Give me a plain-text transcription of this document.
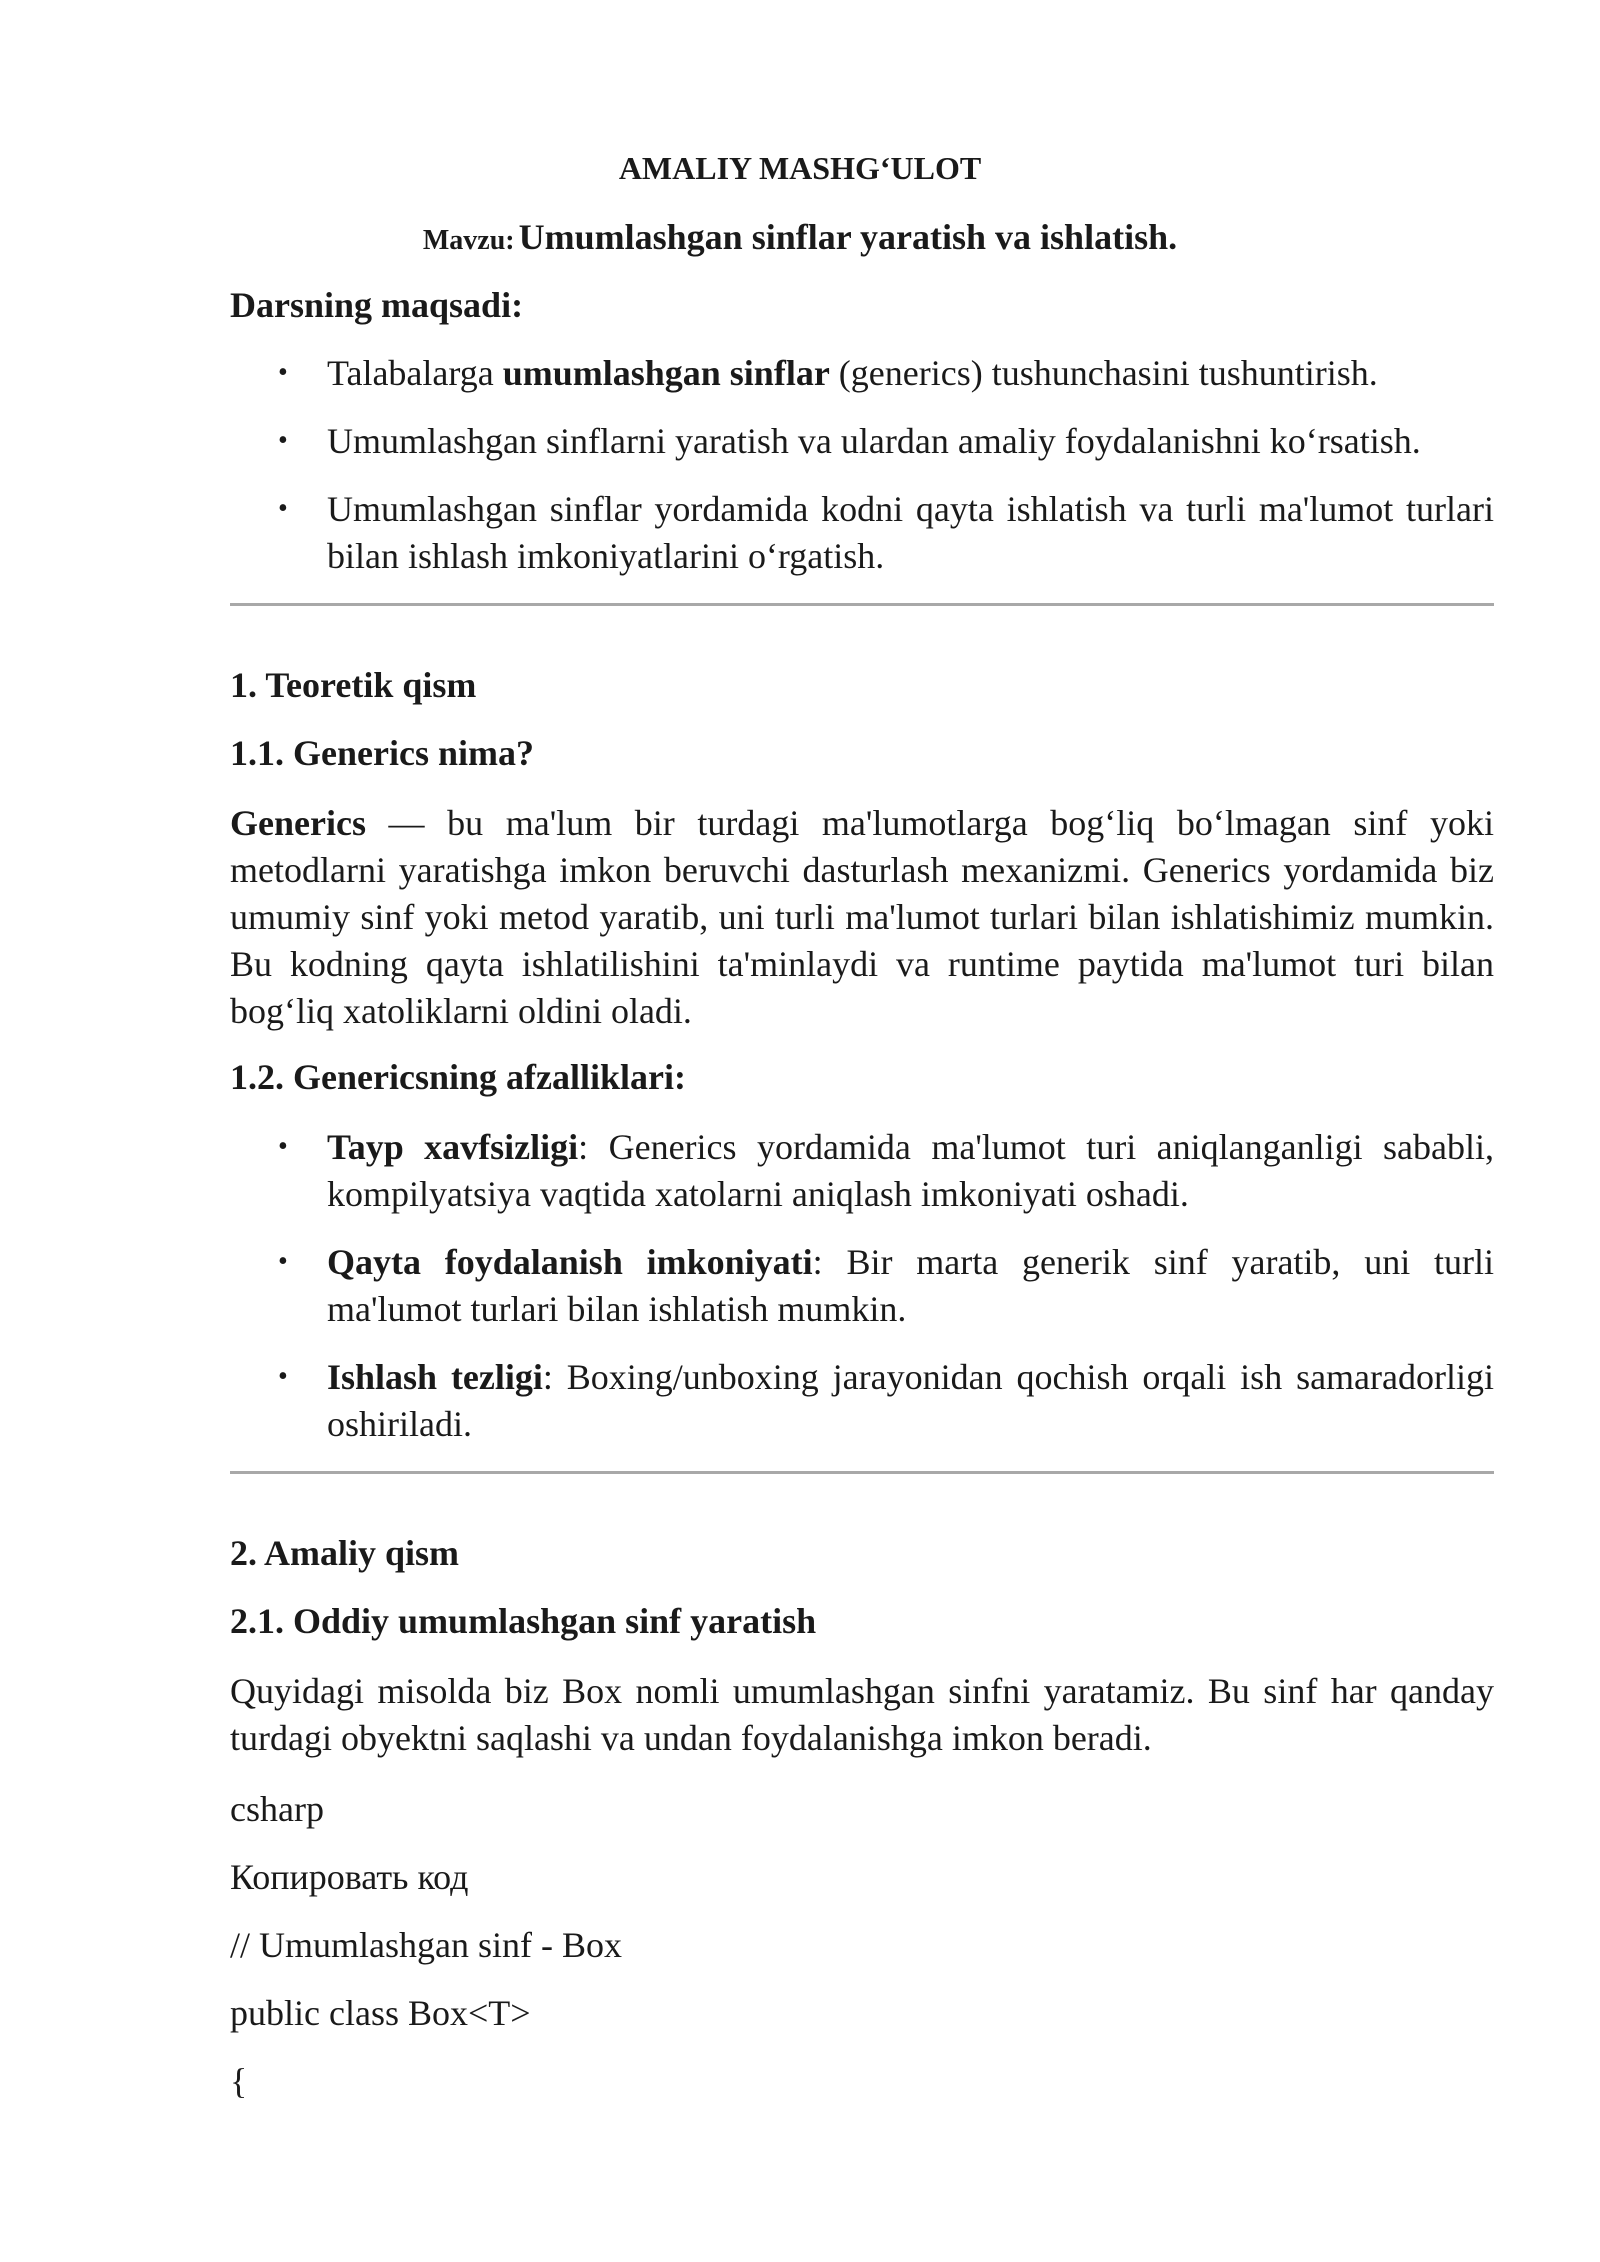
AMALIY MASHG‘ULOT
Mavzu: Umumlashgan sinflar yaratish va ishlatish.
Darsning maqsadi:
• Talabalarga umumlashgan sinflar (generics) tushunchasini tushuntirish.
• Umumlashgan sinflarni yaratish va ulardan amaliy foydalanishni ko‘rsatish.
• Umumlashgan sinflar yordamida kodni qayta ishlatish va turli ma'lumot turlari bilan ishlash imkoniyatlarini o‘rgatish.
1. Teoretik qism
1.1. Generics nima?
Generics — bu ma'lum bir turdagi ma'lumotlarga bog‘liq bo‘lmagan sinf yoki metodlarni yaratishga imkon beruvchi dasturlash mexanizmi. Generics yordamida biz umumiy sinf yoki metod yaratib, uni turli ma'lumot turlari bilan ishlatishimiz mumkin. Bu kodning qayta ishlatilishini ta'minlaydi va runtime paytida ma'lumot turi bilan bog‘liq xatoliklarni oldini oladi.
1.2. Genericsning afzalliklari:
• Tayp xavfsizligi: Generics yordamida ma'lumot turi aniqlanganligi sababli, kompilyatsiya vaqtida xatolarni aniqlash imkoniyati oshadi.
• Qayta foydalanish imkoniyati: Bir marta generik sinf yaratib, uni turli ma'lumot turlari bilan ishlatish mumkin.
• Ishlash tezligi: Boxing/unboxing jarayonidan qochish orqali ish samaradorligi oshiriladi.
2. Amaliy qism
2.1. Oddiy umumlashgan sinf yaratish
Quyidagi misolda biz Box nomli umumlashgan sinfni yaratamiz. Bu sinf har qanday turdagi obyektni saqlashi va undan foydalanishga imkon beradi.
csharp
Копировать код
// Umumlashgan sinf - Box
public class Box<T>
{
